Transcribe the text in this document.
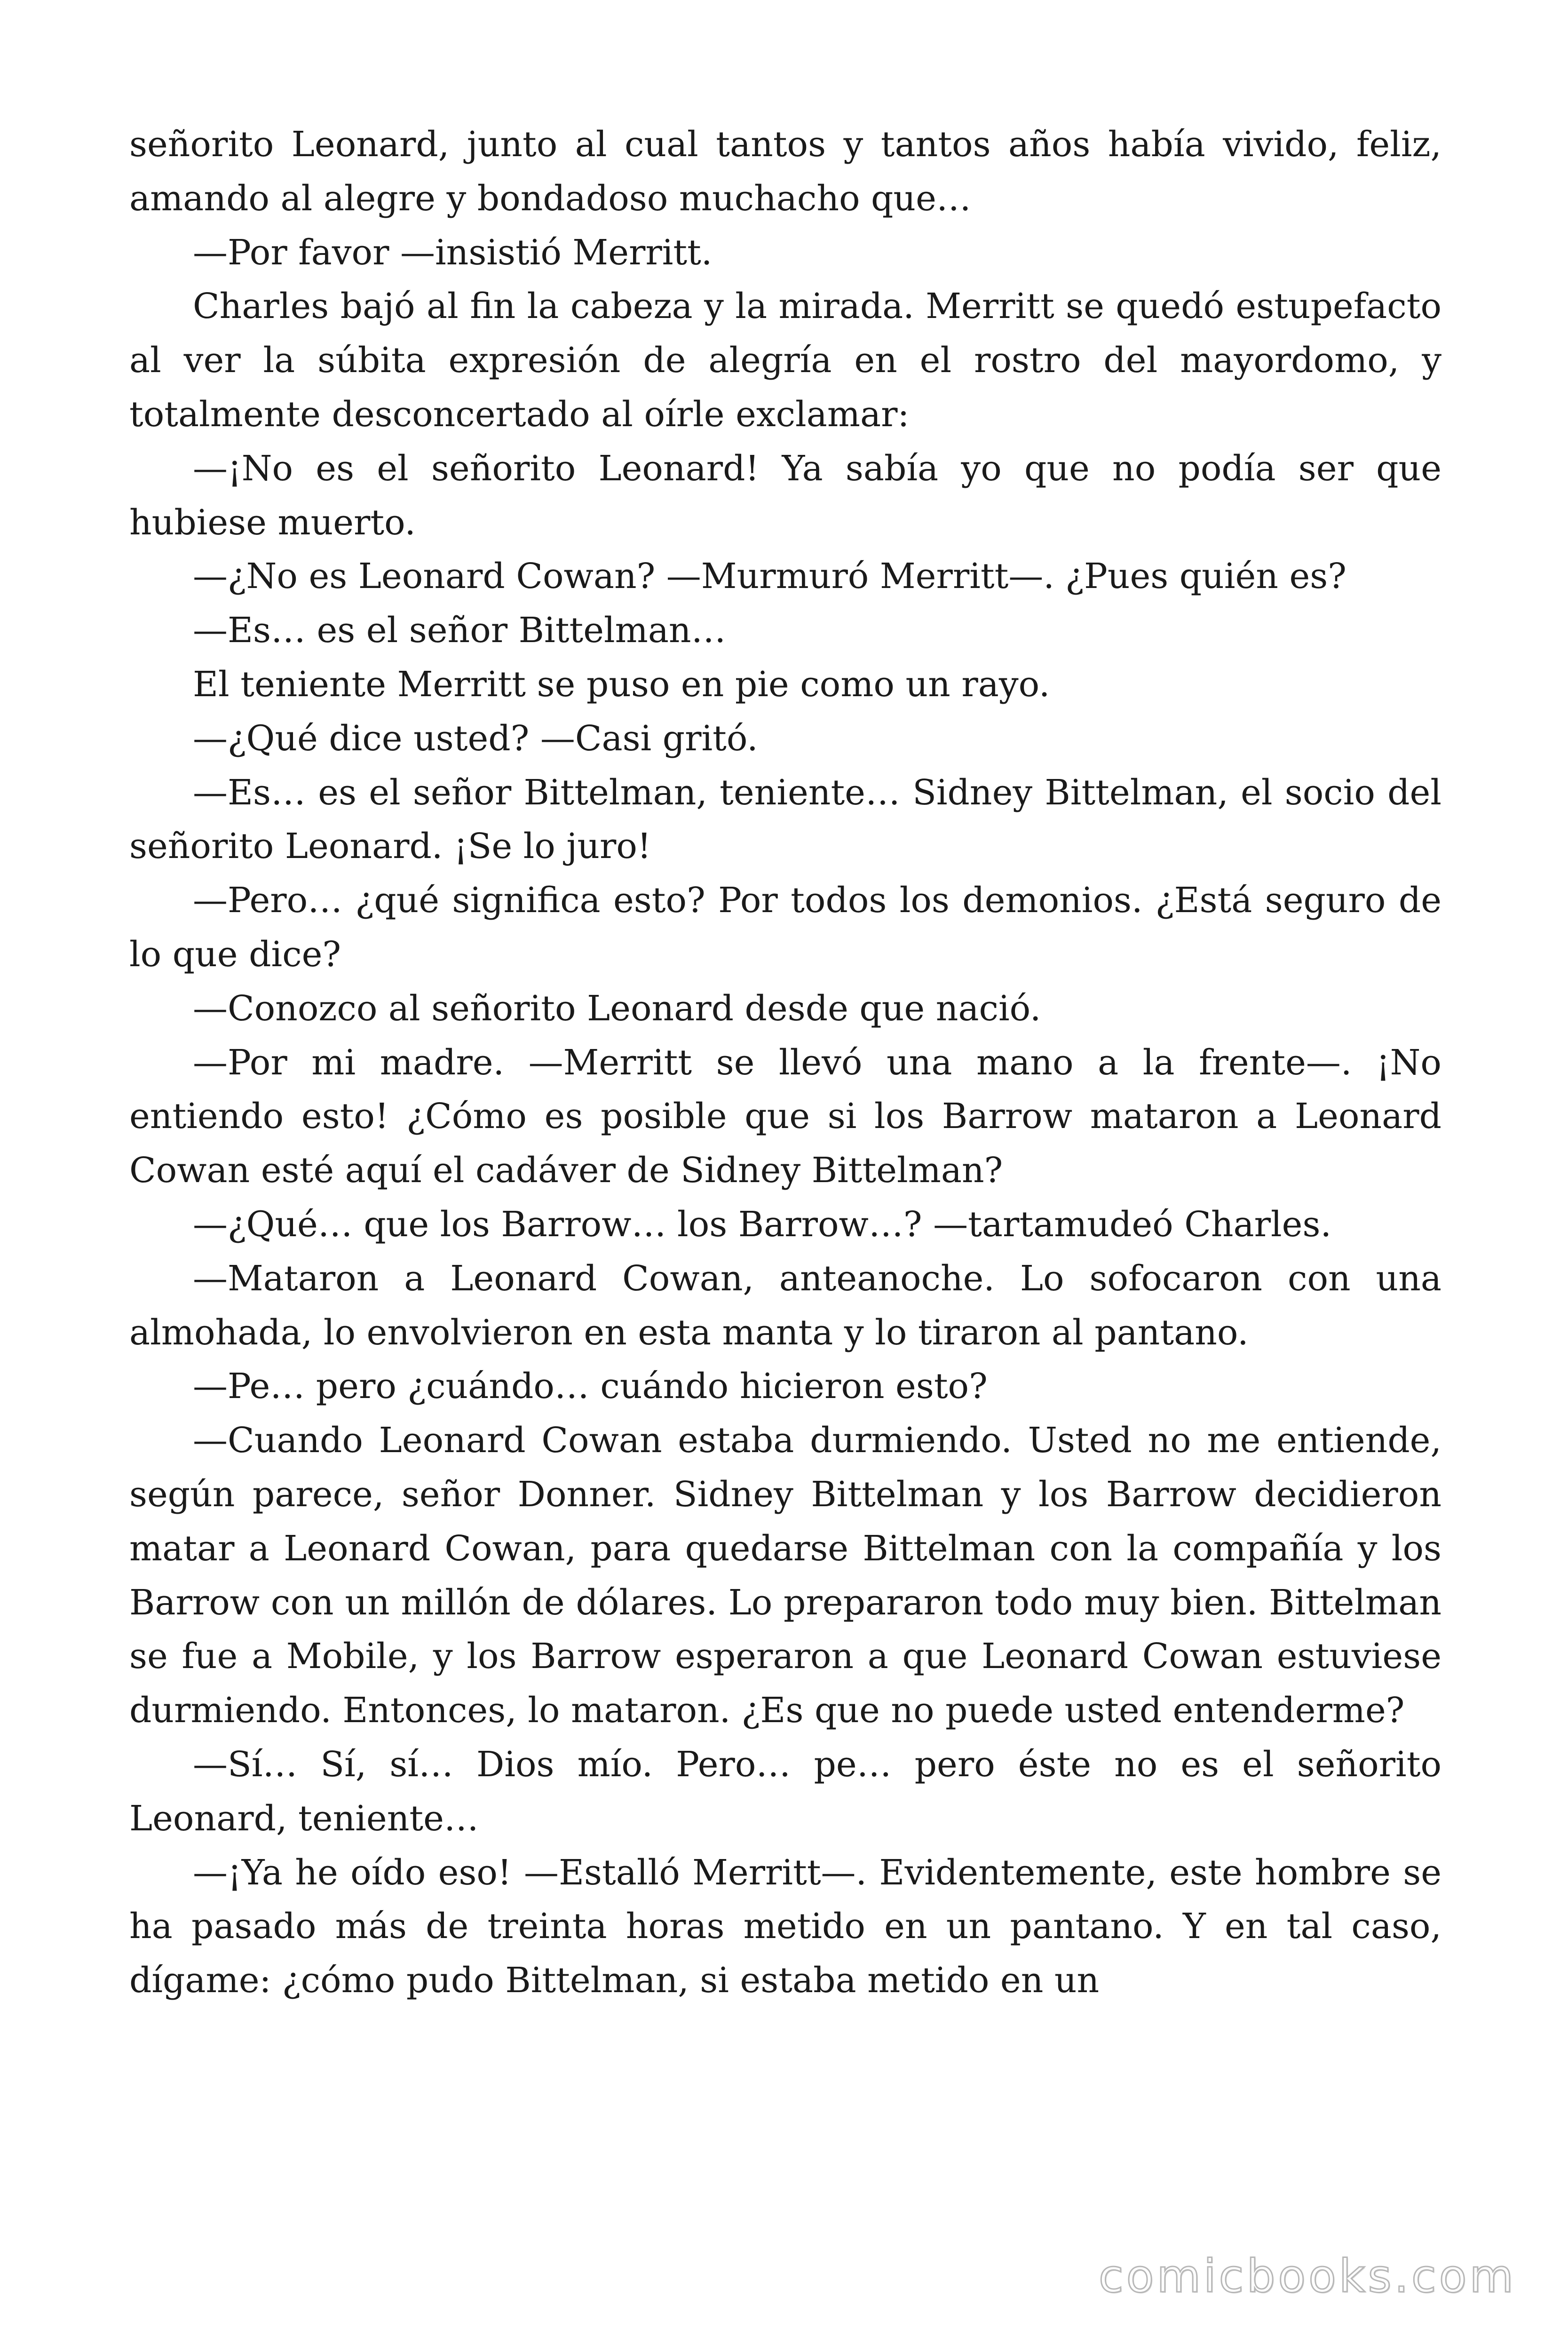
señorito Leonard, junto al cual tantos y tantos años había vivido, feliz, amando al alegre y bondadoso muchacho que…

—Por favor —insistió Merritt.

Charles bajó al fin la cabeza y la mirada. Merritt se quedó estupefacto al ver la súbita expresión de alegría en el rostro del mayordomo, y totalmente desconcertado al oírle exclamar:

—¡No es el señorito Leonard! Ya sabía yo que no podía ser que hubiese muerto.

—¿No es Leonard Cowan? —Murmuró Merritt—. ¿Pues quién es?

—Es… es el señor Bittelman…

El teniente Merritt se puso en pie como un rayo.

—¿Qué dice usted? —Casi gritó.

—Es… es el señor Bittelman, teniente… Sidney Bittelman, el socio del señorito Leonard. ¡Se lo juro!

—Pero… ¿qué significa esto? Por todos los demonios. ¿Está seguro de lo que dice?

—Conozco al señorito Leonard desde que nació.

—Por mi madre. —Merritt se llevó una mano a la frente—. ¡No entiendo esto! ¿Cómo es posible que si los Barrow mataron a Leonard Cowan esté aquí el cadáver de Sidney Bittelman?

—¿Qué… que los Barrow… los Barrow…? —tartamudeó Charles.

—Mataron a Leonard Cowan, anteanoche. Lo sofocaron con una almohada, lo envolvieron en esta manta y lo tiraron al pantano.

—Pe… pero ¿cuándo… cuándo hicieron esto?

—Cuando Leonard Cowan estaba durmiendo. Usted no me entiende, según parece, señor Donner. Sidney Bittelman y los Barrow decidieron matar a Leonard Cowan, para quedarse Bittelman con la compañía y los Barrow con un millón de dólares. Lo prepararon todo muy bien. Bittelman se fue a Mobile, y los Barrow esperaron a que Leonard Cowan estuviese durmiendo. Entonces, lo mataron. ¿Es que no puede usted entenderme?

—Sí… Sí, sí… Dios mío. Pero… pe… pero éste no es el señorito Leonard, teniente…

—¡Ya he oído eso! —Estalló Merritt—. Evidentemente, este hombre se ha pasado más de treinta horas metido en un pantano. Y en tal caso, dígame: ¿cómo pudo Bittelman, si estaba metido en un

comicbooks.com
